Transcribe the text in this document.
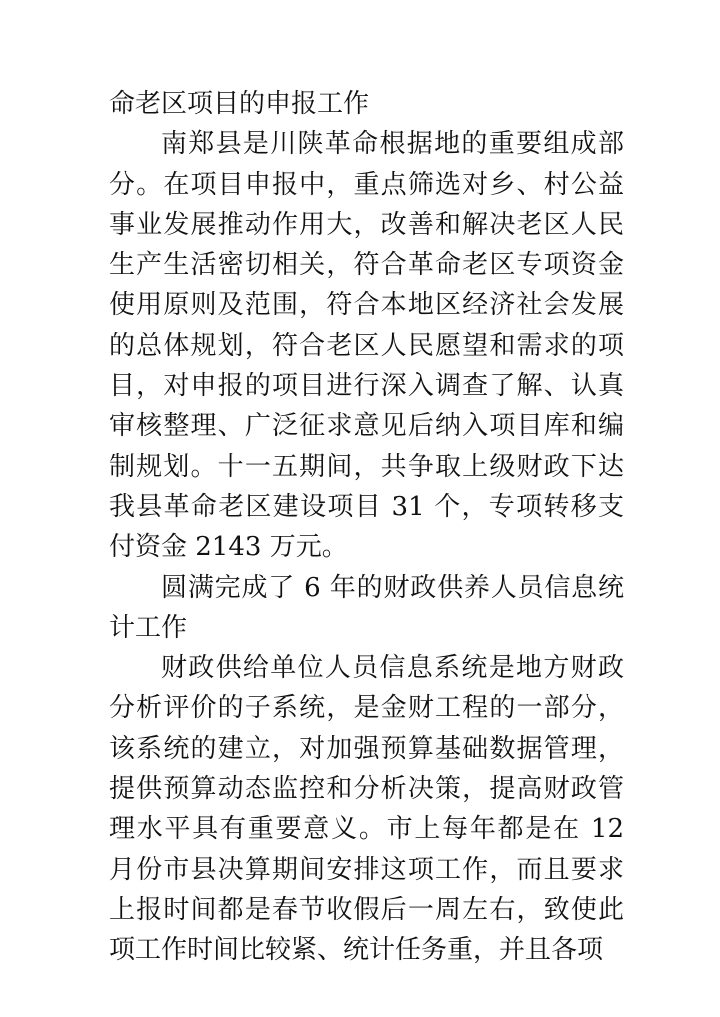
命老区项目的申报工作

南郑县是川陕革命根据地的重要组成部分。在项目申报中，重点筛选对乡、村公益事业发展推动作用大，改善和解决老区人民生产生活密切相关，符合革命老区专项资金使用原则及范围，符合本地区经济社会发展的总体规划，符合老区人民愿望和需求的项目，对申报的项目进行深入调查了解、认真审核整理、广泛征求意见后纳入项目库和编制规划。十一五期间，共争取上级财政下达我县革命老区建设项目 31 个，专项转移支付资金 2143 万元。

圆满完成了 6 年的财政供养人员信息统计工作

财政供给单位人员信息系统是地方财政分析评价的子系统，是金财工程的一部分，该系统的建立，对加强预算基础数据管理，提供预算动态监控和分析决策，提高财政管理水平具有重要意义。市上每年都是在 12 月份市县决算期间安排这项工作，而且要求上报时间都是春节收假后一周左右，致使此项工作时间比较紧、统计任务重，并且各项
